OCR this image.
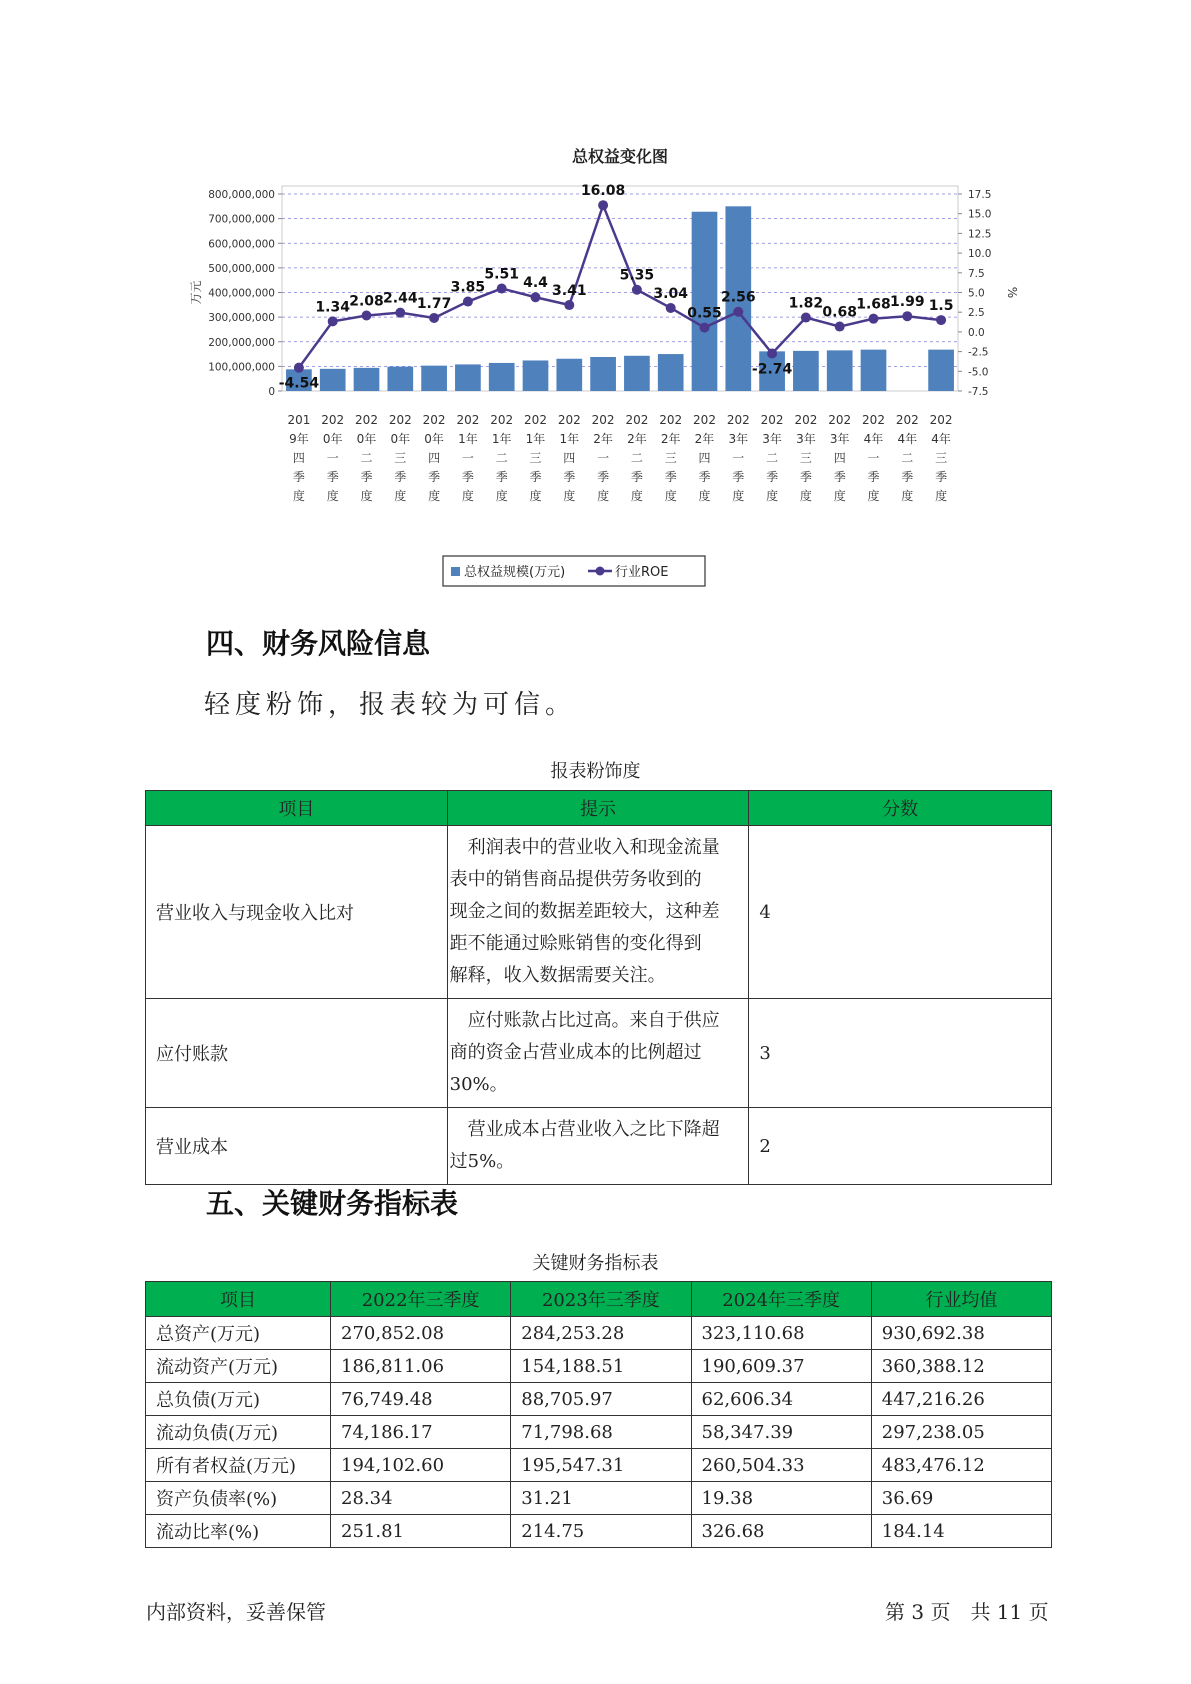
总权益变化图
800,000,000
700,000,000
600,000,000
500,000,000
400,000,000
300,000,000
200,000,000
100,000,000
0
17.5
15.0
12.5
10.0
7.5
5.0
2.5
0.0
-2.5
-5.0
-7.5
万元	%
201
9年
四
季
度
202
0年
一
季
度
202
0年
二
季
度
202
0年
三
季
度
202
0年
四
季
度
202
1年
一
季
度
202
1年
二
季
度
202
1年
三
季
度
202
1年
四
季
度
202
2年
一
季
度
202
2年
二
季
度
202
2年
三
季
度
202
2年
四
季
度
202
3年
一
季
度
202
3年
二
季
度
202
3年
三
季
度
202
3年
四
季
度
202
4年
一
季
度
202
4年
二
季
度
202
4年
三
季
度
-4.54
1.34 2.08 2.44 1.77
3.85
5.51
4.4 3.41
16.08
5.35
3.04
0.55
2.56
-2.74
1.82
0.68 1.68 1.99 1.5
总权益规模(万元)	行业ROE
四、财务风险信息
轻度粉饰，报表较为可信。
报表粉饰度
项目	提示	分数
营业收入与现金收入比对	利润表中的营业收入和现金流量
表中的销售商品提供劳务收到的
现金之间的数据差距较大，这种差
距不能通过赊账销售的变化得到
解释，收入数据需要关注。	4
应付账款	应付账款占比过高。来自于供应
商的资金占营业成本的比例超过
30%。	3
营业成本	营业成本占营业收入之比下降超
过5%。	2
五、关键财务指标表
关键财务指标表
项目	2022年三季度	2023年三季度	2024年三季度	行业均值
总资产(万元)	270,852.08	284,253.28	323,110.68	930,692.38
流动资产(万元)	186,811.06	154,188.51	190,609.37	360,388.12
总负债(万元)	76,749.48	88,705.97	62,606.34	447,216.26
流动负债(万元)	74,186.17	71,798.68	58,347.39	297,238.05
所有者权益(万元)	194,102.60	195,547.31	260,504.33	483,476.12
资产负债率(%)	28.34	31.21	19.38	36.69
流动比率(%)	251.81	214.75	326.68	184.14
内部资料，妥善保管	第 3 页　共 11 页
